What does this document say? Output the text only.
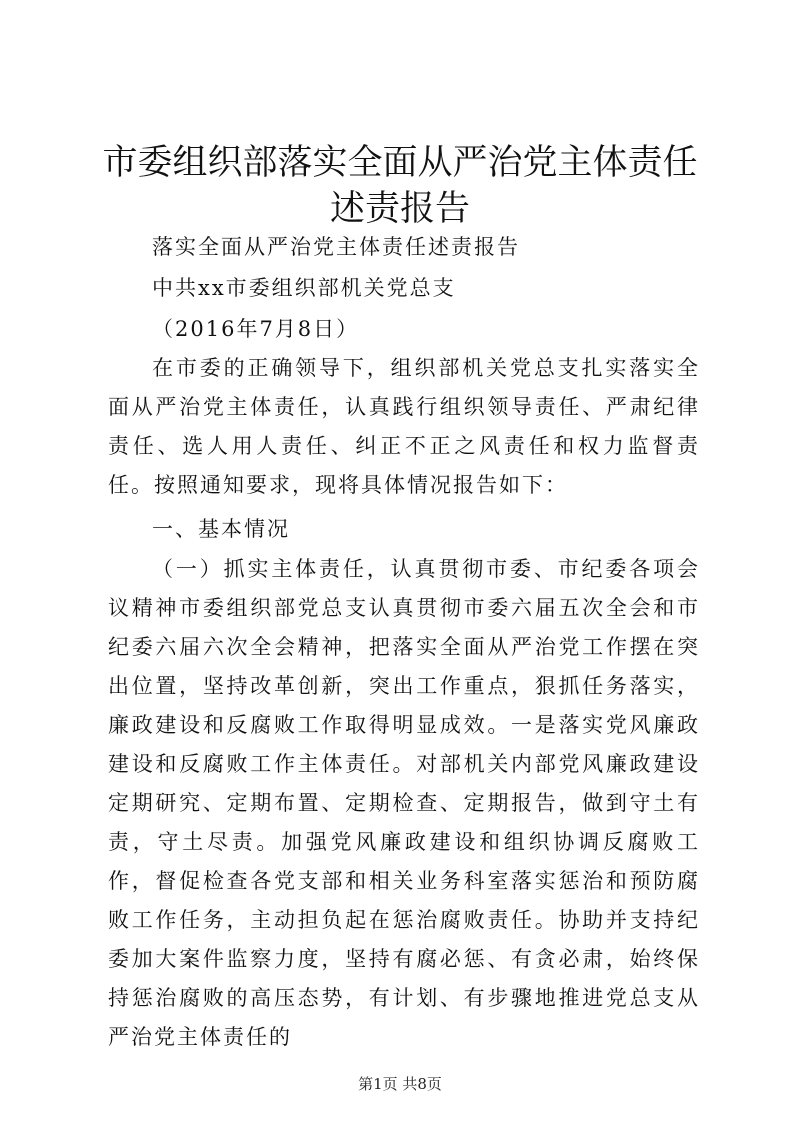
市委组织部落实全面从严治党主体责任述责报告

落实全面从严治党主体责任述责报告

中共xx市委组织部机关党总支

（2016年7月8日）

在市委的正确领导下，组织部机关党总支扎实落实全面从严治党主体责任，认真践行组织领导责任、严肃纪律责任、选人用人责任、纠正不正之风责任和权力监督责任。按照通知要求，现将具体情况报告如下：

一、基本情况

（一）抓实主体责任，认真贯彻市委、市纪委各项会议精神市委组织部党总支认真贯彻市委六届五次全会和市纪委六届六次全会精神，把落实全面从严治党工作摆在突出位置，坚持改革创新，突出工作重点，狠抓任务落实，廉政建设和反腐败工作取得明显成效。一是落实党风廉政建设和反腐败工作主体责任。对部机关内部党风廉政建设定期研究、定期布置、定期检查、定期报告，做到守土有责，守土尽责。加强党风廉政建设和组织协调反腐败工作，督促检查各党支部和相关业务科室落实惩治和预防腐败工作任务，主动担负起在惩治腐败责任。协助并支持纪委加大案件监察力度，坚持有腐必惩、有贪必肃，始终保持惩治腐败的高压态势，有计划、有步骤地推进党总支从严治党主体责任的

第1页 共8页
